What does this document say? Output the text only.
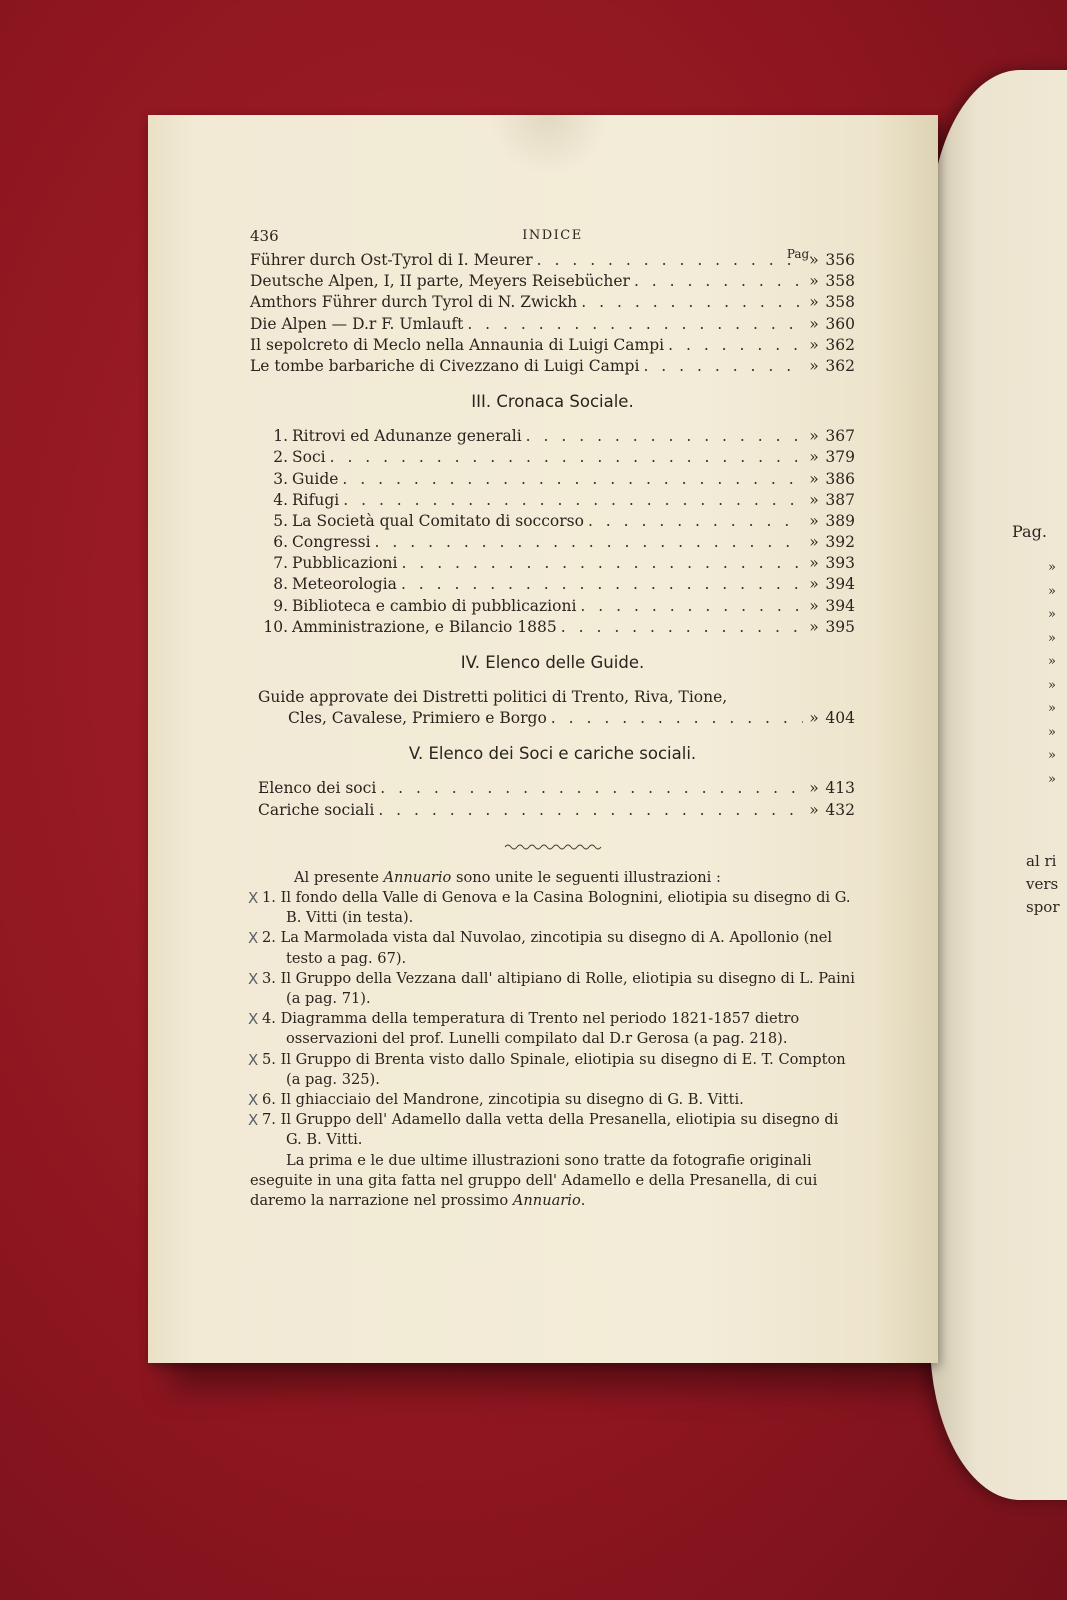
Pag.
»
»
»
»
»
»
»
»
»
»
al ri
vers
spor
436	INDICE
Pag.
Führer durch Ost-Tyrol di I. Meurer . . .	» 356
Deutsche Alpen, I, II parte, Meyers Reisebücher . . .	» 358
Amthors Führer durch Tyrol di N. Zwickh . . .	» 358
Die Alpen — D.r F. Umlauft . . .	» 360
Il sepolcreto di Meclo nella Annaunia di Luigi Campi . . .	» 362
Le tombe barbariche di Civezzano di Luigi Campi . . .	» 362
III. Cronaca Sociale.
1. Ritrovi ed Adunanze generali . . .	» 367
2. Soci . . .	» 379
3. Guide . . .	» 386
4. Rifugi . . .	» 387
5. La Società qual Comitato di soccorso . . .	» 389
6. Congressi . . .	» 392
7. Pubblicazioni . . .	» 393
8. Meteorologia . . .	» 394
9. Biblioteca e cambio di pubblicazioni . . .	» 394
10. Amministrazione, e Bilancio 1885 . . .	» 395
IV. Elenco delle Guide.
Guide approvate dei Distretti politici di Trento, Riva, Tione,
Cles, Cavalese, Primiero e Borgo . . .	» 404
V. Elenco dei Soci e cariche sociali.
Elenco dei soci . . .	» 413
Cariche sociali . . .	» 432

Al presente Annuario sono unite le seguenti illustrazioni :

X 1. Il fondo della Valle di Genova e la Casina Bolognini, eliotipia su disegno di G. B. Vitti (in testa).

X 2. La Marmolada vista dal Nuvolao, zincotipia su disegno di A. Apollonio (nel testo a pag. 67).

X 3. Il Gruppo della Vezzana dall' altipiano di Rolle, eliotipia su disegno di L. Paini (a pag. 71).

X 4. Diagramma della temperatura di Trento nel periodo 1821-1857 dietro osservazioni del prof. Lunelli compilato dal D.r Gerosa (a pag. 218).

X 5. Il Gruppo di Brenta visto dallo Spinale, eliotipia su disegno di E. T. Compton (a pag. 325).

X 6. Il ghiacciaio del Mandrone, zincotipia su disegno di G. B. Vitti.

X 7. Il Gruppo dell' Adamello dalla vetta della Presanella, eliotipia su disegno di G. B. Vitti.

La prima e le due ultime illustrazioni sono tratte da fotografie originali eseguite in una gita fatta nel gruppo dell' Adamello e della Presanella, di cui daremo la narrazione nel prossimo Annuario.
